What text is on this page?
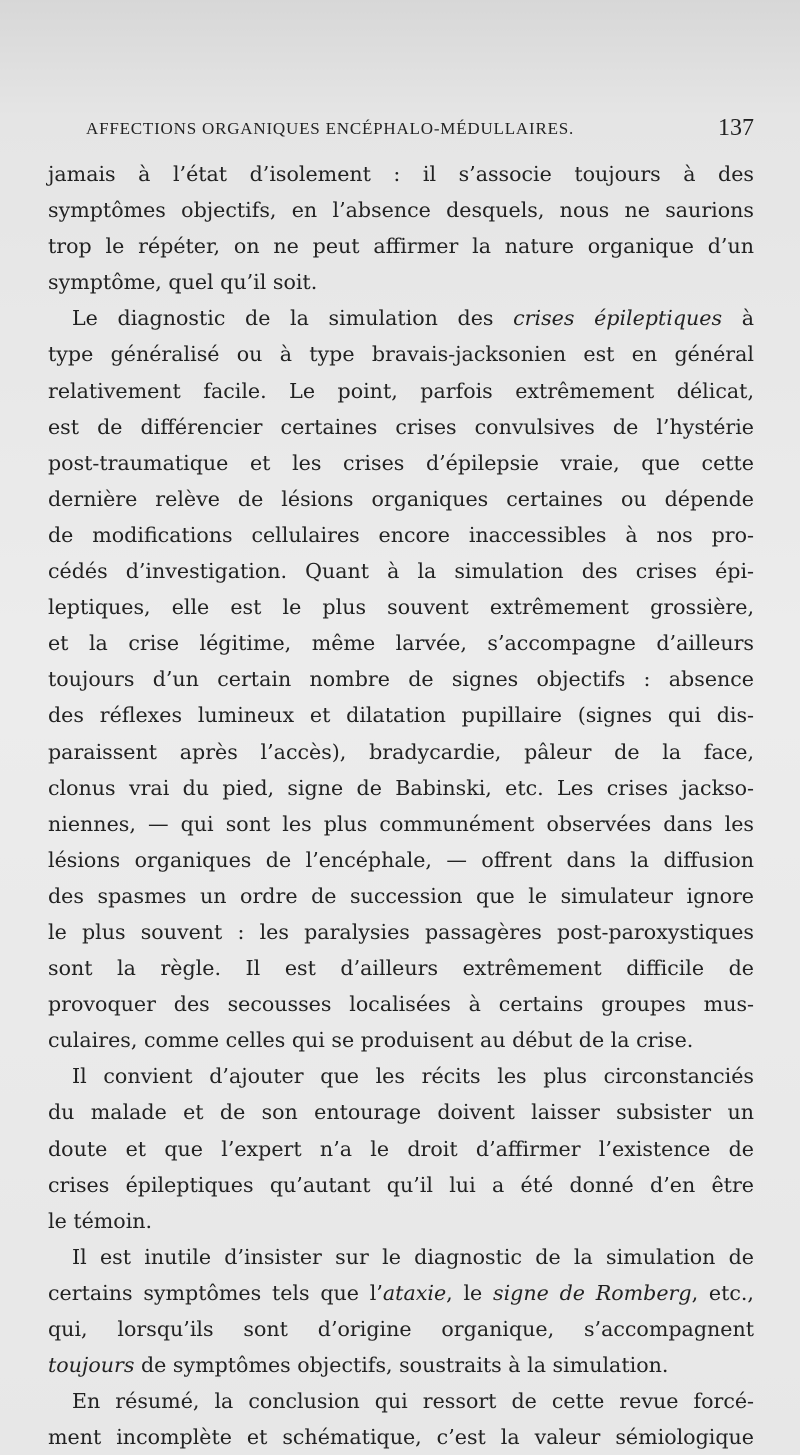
AFFECTIONS ORGANIQUES ENCÉPHALO-MÉDULLAIRES.	137
jamais à l’état d’isolement : il s’associe toujours à des
symptômes objectifs, en l’absence desquels, nous ne saurions
trop le répéter, on ne peut affirmer la nature organique d’un
symptôme, quel qu’il soit.
Le diagnostic de la simulation des crises épileptiques à
type généralisé ou à type bravais-jacksonien est en général
relativement facile. Le point, parfois extrêmement délicat,
est de différencier certaines crises convulsives de l’hystérie
post-traumatique et les crises d’épilepsie vraie, que cette
dernière relève de lésions organiques certaines ou dépende
de modifications cellulaires encore inaccessibles à nos pro-
cédés d’investigation. Quant à la simulation des crises épi-
leptiques, elle est le plus souvent extrêmement grossière,
et la crise légitime, même larvée, s’accompagne d’ailleurs
toujours d’un certain nombre de signes objectifs : absence
des réflexes lumineux et dilatation pupillaire (signes qui dis-
paraissent après l’accès), bradycardie, pâleur de la face,
clonus vrai du pied, signe de Babinski, etc. Les crises jackso-
niennes, — qui sont les plus communément observées dans les
lésions organiques de l’encéphale, — offrent dans la diffusion
des spasmes un ordre de succession que le simulateur ignore
le plus souvent : les paralysies passagères post-paroxystiques
sont la règle. Il est d’ailleurs extrêmement difficile de
provoquer des secousses localisées à certains groupes mus-
culaires, comme celles qui se produisent au début de la crise.
Il convient d’ajouter que les récits les plus circonstanciés
du malade et de son entourage doivent laisser subsister un
doute et que l’expert n’a le droit d’affirmer l’existence de
crises épileptiques qu’autant qu’il lui a été donné d’en être
le témoin.
Il est inutile d’insister sur le diagnostic de la simulation de
certains symptômes tels que l’ataxie, le signe de Romberg, etc.,
qui, lorsqu’ils sont d’origine organique, s’accompagnent
toujours de symptômes objectifs, soustraits à la simulation.
En résumé, la conclusion qui ressort de cette revue forcé-
ment incomplète et schématique, c’est la valeur sémiologique
